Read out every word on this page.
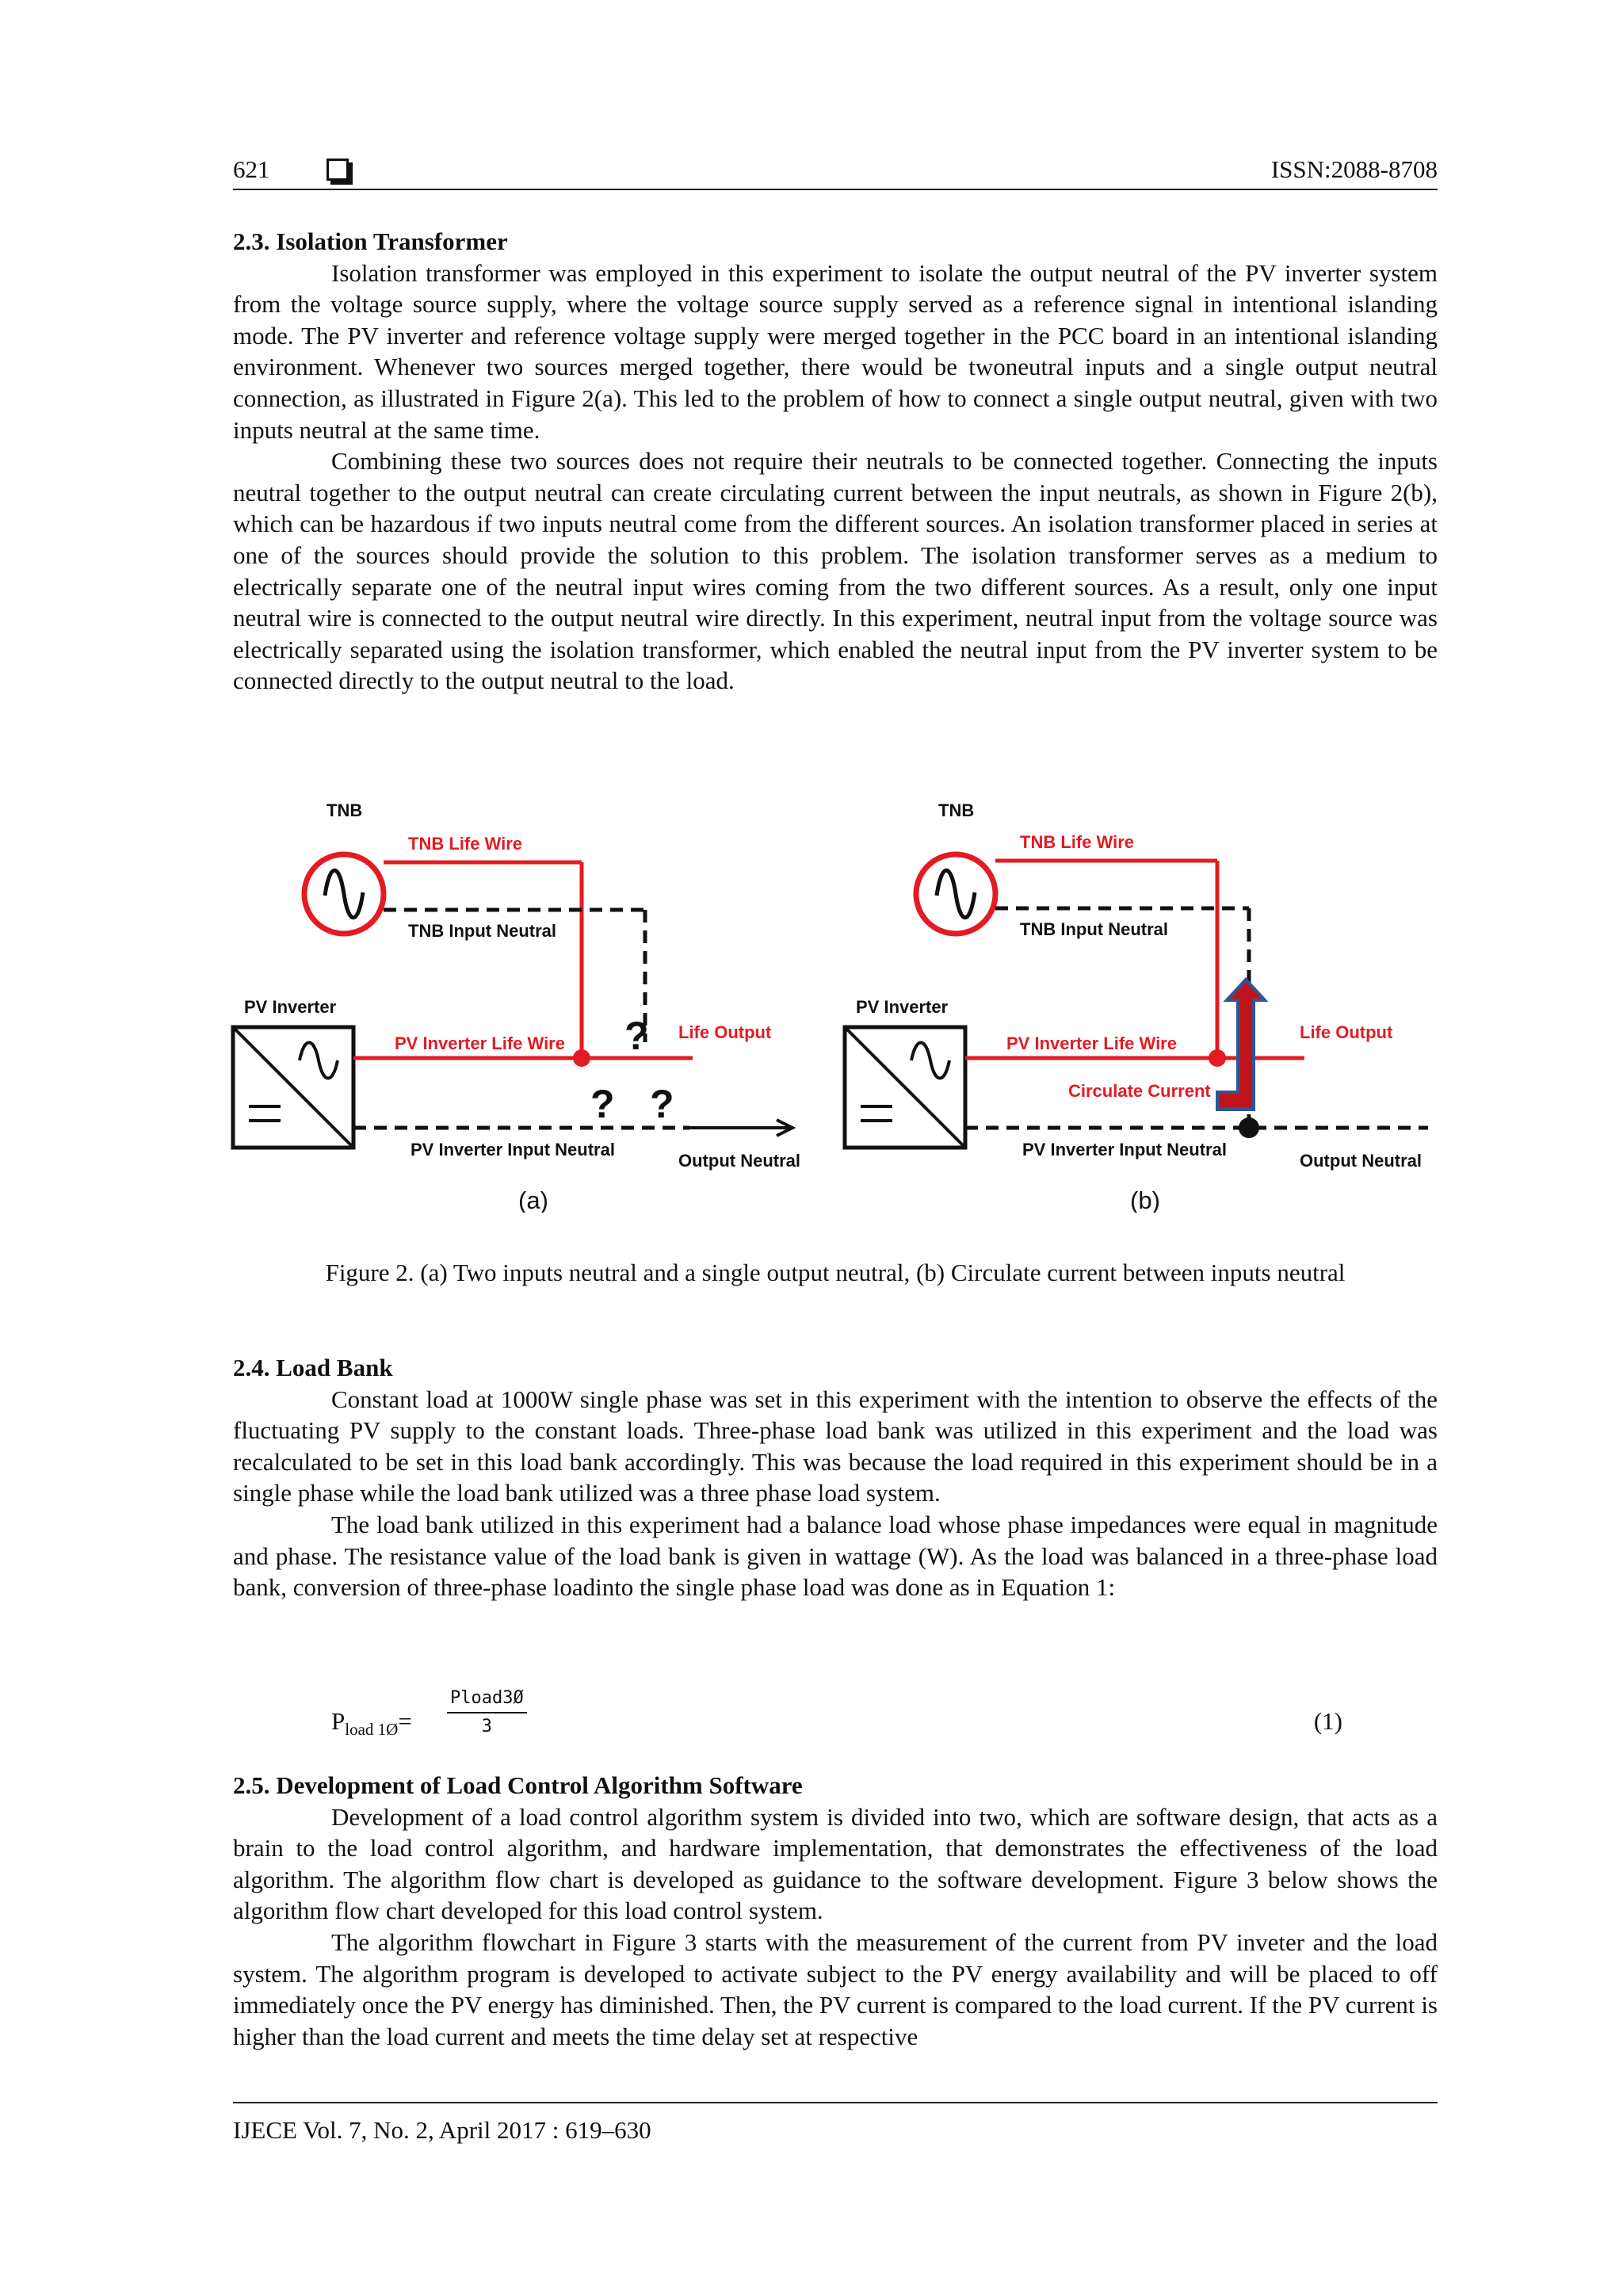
621	ISSN:2088-8708
2.3. Isolation Transformer

Isolation transformer was employed in this experiment to isolate the output neutral of the PV inverter system from the voltage source supply, where the voltage source supply served as a reference signal in intentional islanding mode. The PV inverter and reference voltage supply were merged together in the PCC board in an intentional islanding environment. Whenever two sources merged together, there would be twoneutral inputs and a single output neutral connection, as illustrated in Figure 2(a). This led to the problem of how to connect a single output neutral, given with two inputs neutral at the same time.

Combining these two sources does not require their neutrals to be connected together. Connecting the inputs neutral together to the output neutral can create circulating current between the input neutrals, as shown in Figure 2(b), which can be hazardous if two inputs neutral come from the different sources. An isolation transformer placed in series at one of the sources should provide the solution to this problem. The isolation transformer serves as a medium to electrically separate one of the neutral input wires coming from the two different sources. As a result, only one input neutral wire is connected to the output neutral wire directly. In this experiment, neutral input from the voltage source was electrically separated using the isolation transformer, which enabled the neutral input from the PV inverter system to be connected directly to the output neutral to the load.

TNB
TNB Life Wire
TNB Input Neutral
PV Inverter
PV Inverter Life Wire ?
? ?
Life Output
PV Inverter Input Neutral
Output Neutral
(a)
TNB
TNB Life Wire
TNB Input Neutral
PV Inverter
PV Inverter Life Wire
Life Output
Circulate Current
PV Inverter Input Neutral
Output Neutral
(b)
Figure 2. (a) Two inputs neutral and a single output neutral, (b) Circulate current between inputs neutral
2.4. Load Bank

Constant load at 1000W single phase was set in this experiment with the intention to observe the effects of the fluctuating PV supply to the constant loads. Three-phase load bank was utilized in this experiment and the load was recalculated to be set in this load bank accordingly. This was because the load required in this experiment should be in a single phase while the load bank utilized was a three phase load system.

The load bank utilized in this experiment had a balance load whose phase impedances were equal in magnitude and phase. The resistance value of the load bank is given in wattage (W). As the load was balanced in a three-phase load bank, conversion of three-phase loadinto the single phase load was done as in Equation 1:

$P_{load 1Ø}=$
Pload3Ø
3	(1)
2.5. Development of Load Control Algorithm Software

Development of a load control algorithm system is divided into two, which are software design, that acts as a brain to the load control algorithm, and hardware implementation, that demonstrates the effectiveness of the load algorithm. The algorithm flow chart is developed as guidance to the software development. Figure 3 below shows the algorithm flow chart developed for this load control system.

The algorithm flowchart in Figure 3 starts with the measurement of the current from PV inveter and the load system. The algorithm program is developed to activate subject to the PV energy availability and will be placed to off immediately once the PV energy has diminished. Then, the PV current is compared to the load current. If the PV current is higher than the load current and meets the time delay set at respective

IJECE Vol. 7, No. 2, April 2017 : 619–630
